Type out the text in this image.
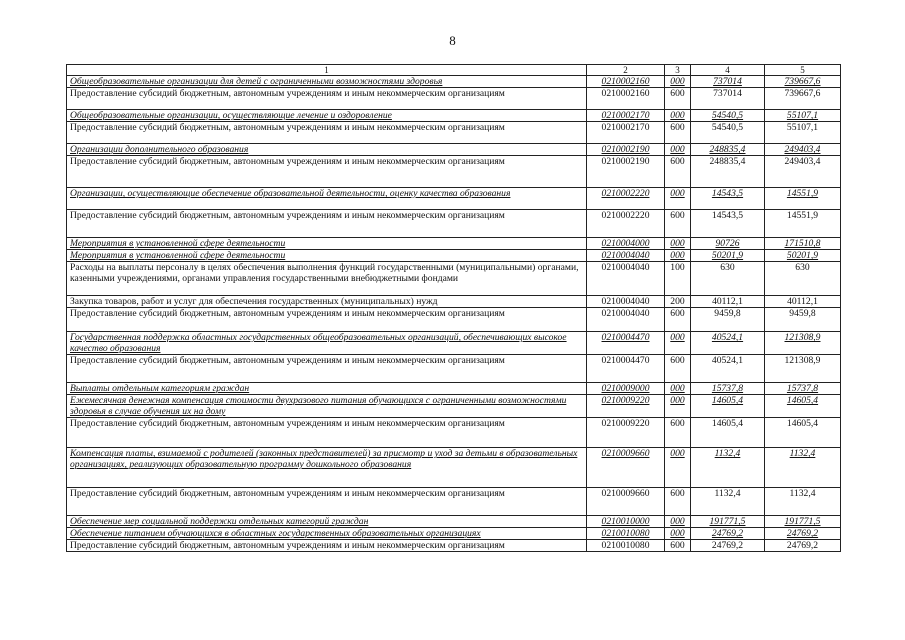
8
1	2	3	4	5
Общеобразовательные организации для детей с ограниченными возможностями здоровья	0210002160	000	737014	739667,6
Предоставление субсидий бюджетным, автономным учреждениям и иным некоммерческим организациям	0210002160	600	737014	739667,6
Общеобразовательные организации, осуществляющие лечение и оздоровление	0210002170	000	54540,5	55107,1
Предоставление субсидий бюджетным, автономным учреждениям и иным некоммерческим организациям	0210002170	600	54540,5	55107,1
Организации дополнительного образования	0210002190	000	248835,4	249403,4
Предоставление субсидий бюджетным, автономным учреждениям и иным некоммерческим организациям	0210002190	600	248835,4	249403,4
Организации, осуществляющие обеспечение образовательной деятельности, оценку качества образования	0210002220	000	14543,5	14551,9
Предоставление субсидий бюджетным, автономным учреждениям и иным некоммерческим организациям	0210002220	600	14543,5	14551,9
Мероприятия в установленной сфере деятельности	0210004000	000	90726	171510,8
Мероприятия в установленной сфере деятельности	0210004040	000	50201,9	50201,9
Расходы на выплаты персоналу в целях обеспечения выполнения функций государственными (муниципальными) органами, казенными учреждениями, органами управления государственными внебюджетными фондами	0210004040	100	630	630
Закупка товаров, работ и услуг для обеспечения государственных (муниципальных) нужд	0210004040	200	40112,1	40112,1
Предоставление субсидий бюджетным, автономным учреждениям и иным некоммерческим организациям	0210004040	600	9459,8	9459,8
Государственная поддержка областных государственных общеобразовательных организаций, обеспечивающих высокое качество образования	0210004470	000	40524,1	121308,9
Предоставление субсидий бюджетным, автономным учреждениям и иным некоммерческим организациям	0210004470	600	40524,1	121308,9
Выплаты отдельным категориям граждан	0210009000	000	15737,8	15737,8
Ежемесячная денежная компенсация стоимости двухразового питания обучающихся с ограниченными возможностями здоровья в случае обучения их на дому	0210009220	000	14605,4	14605,4
Предоставление субсидий бюджетным, автономным учреждениям и иным некоммерческим организациям	0210009220	600	14605,4	14605,4
Компенсация платы, взимаемой с родителей (законных представителей) за присмотр и уход за детьми в образовательных организациях, реализующих образовательную программу дошкольного образования	0210009660	000	1132,4	1132,4
Предоставление субсидий бюджетным, автономным учреждениям и иным некоммерческим организациям	0210009660	600	1132,4	1132,4
Обеспечение мер социальной поддержки отдельных категорий граждан	0210010000	000	191771,5	191771,5
Обеспечение питанием обучающихся в областных государственных образовательных организациях	0210010080	000	24769,2	24769,2
Предоставление субсидий бюджетным, автономным учреждениям и иным некоммерческим организациям	0210010080	600	24769,2	24769,2
